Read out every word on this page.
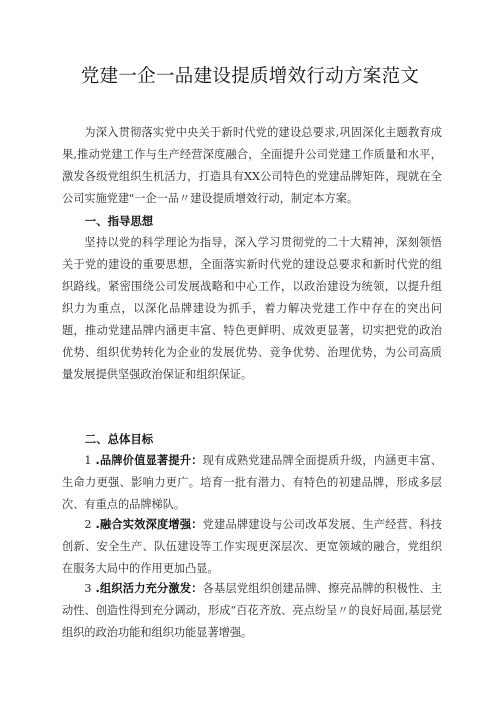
党建一企一品建设提质增效行动方案范文
为深入贯彻落实党中央关于新时代党的建设总要求,巩固深化主题教育成果,推动党建工作与生产经营深度融合，全面提升公司党建工作质量和水平，激发各级党组织生机活力，打造具有XX公司特色的党建品牌矩阵，现就在全公司实施党建"一企一品〃建设提质增效行动，制定本方案。
一、指导思想
坚持以党的科学理论为指导，深入学习贯彻党的二十大精神，深刻领悟关于党的建设的重要思想，全面落实新时代党的建设总要求和新时代党的组织路线。紧密围绕公司发展战略和中心工作，以政治建设为统领，以提升组织力为重点，以深化品牌建设为抓手，着力解决党建工作中存在的突出问题，推动党建品牌内涵更丰富、特色更鲜明、成效更显著，切实把党的政治优势、组织优势转化为企业的发展优势、竞争优势、治理优势，为公司高质量发展提供坚强政治保证和组织保证。
二、总体目标
1 .品牌价值显著提升：现有成熟党建品牌全面提质升级，内涵更丰富、生命力更强、影响力更广。培育一批有潜力、有特色的初建品牌，形成多层次、有重点的品牌梯队。
2 .融合实效深度增强：党建品牌建设与公司改革发展、生产经营、科技创新、安全生产、队伍建设等工作实现更深层次、更宽领域的融合，党组织在服务大局中的作用更加凸显。
3 .组织活力充分激发：各基层党组织创建品牌、擦亮品牌的积极性、主动性、创造性得到充分调动，形成“百花齐放、亮点纷呈〃的良好局面,基层党组织的政治功能和组织功能显著增强。
